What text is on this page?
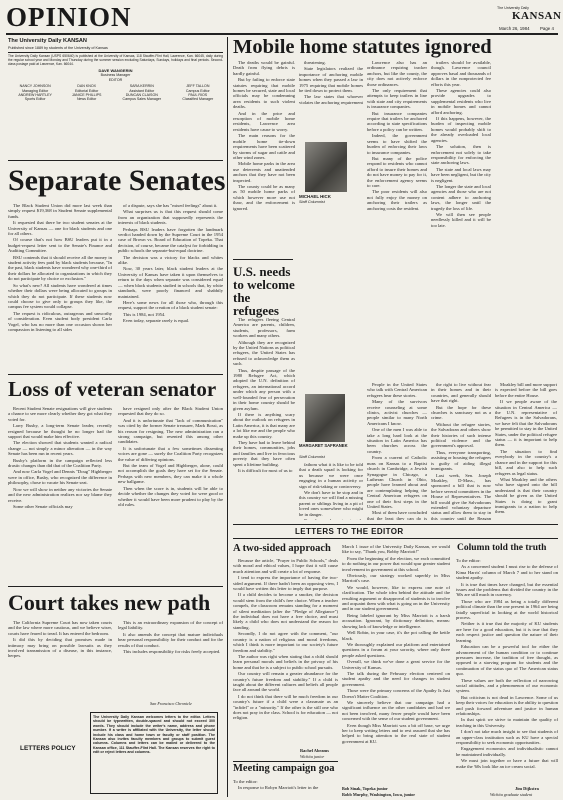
OPINION	The University Daily
KANSAN
March 26, 1984 Page 4
The University Daily KANSAN
Published since 1889 by students of the University of Kansas
The University Daily Kansan (USPS 650640) is published at the University of Kansas, 118 Stauffer-Flint Hall, Lawrence, Kan. 66045, daily during the regular school year and Monday and Thursday during the summer session excluding Saturdays, Sundays, holidays and final periods. Second-class postage paid at Lawrence, Kan. 66044.
DAVE WANGERIN
Business Manager
EDITOR
NANCY JOHNSON	DAN KNOX	SARA KERRIN	JEFF TALLON
Managing Editor	Editorial Editor	Assistant Editor	Campus Editor
ANDREW HARTLEY	JANICE PHILLIPS	DUNCAN CLAISON	PAUL RIOS
Sports Editor	News Editor	Campus Sales Manager	Classified Manager
Separate Senates

The Black Student Union did more last week than simply request $19,368 in Student Senate supplemental funds.

It requested that there be two student senates at the University of Kansas — one for black students and one for all others.

Of course that's not how BSU leaders put it in a budget-request letter sent to the Senate's Finance and Auditing Committee.

BSU contends that it should receive all the money in student activity fees paid by black students because, "In the past, black students have wondered why one-third of their dollars be allocated to organizations in which they do not participate by choice or exclusion."

So what's new? All students have wondered at times whether their dollars were being allocated to groups in which they do not participate. If these students now could choose to give only to groups they like, the campus fee system would collapse.

The request is ridiculous, outrageous and unworthy of consideration. Even student body president Carla Vogel, who has no more than one occasion shown her compassion in listening to all sides

of a dispute, says she has "mixed feelings" about it.

What surprises us is that this request should come from an organization that supposedly represents the interests of black students.

Perhaps BSU leaders have forgotten the landmark verdict handed down by the Supreme Court in the 1954 case of Brown vs. Board of Education of Topeka. That decision, of course, became the catalyst for forbidding in public schools the separate-but-equal doctrine.

The decision was a victory for blacks and whites alike.

Now, 30 years later, black student leaders at the University of Kansas have taken it upon themselves to return to the days when separate was considered equal — when black students studied in schools that, by white standards, were poorly financed and shabbily maintained.

Here's some news for all those who, through this request, support the creation of a black student senate:

This is 1984, not 1954.

Even today, separate rarely is equal.

Loss of veteran senator

Recent Student Senate resignations will give students a chance to see more clearly whether they got what they voted for.

Larry Busby, a long-term Senate leader, recently resigned because he thought he no longer had the support that would make him effective.

The election showed that students wanted a radical change — not simply a minor alteration — in the way Senate has been run in recent years.

Busby's platform in the campaign reflected less drastic changes than did that of the Coalition Party.

And now Carla Vogel and Dennis "Doug" Highberger were in office, Busby, who recognized the difference in philosophy, chose to vacate his Senate seat.

Now we will show in neither any victories the Senate and the new administration realizes nor say blame they receive.

Some other Senate officials may

have resigned only after the Black Student Union requested that they do so.

And it is unfortunate that "lack of communication" was cited by the former Senate treasurer, Mark Bossi, as his reason for resigning. The new administration ran a strong campaign, but resented this among other candidates.

It is unfortunate that a few sometimes dissenting voices are gone — surely the Coalition Party recognizes the value of differing opinions.

But the team of Vogel and Highberger, alone, could not accomplish the goals they have set for the Senate. Perhaps with new members, they can make it a whole new ballgame.

Then when the score is in, students will be able to decide whether the changes they voted for were good or whether it would have been more prudent to play by the old rules.

Court takes new path

The California Supreme Court has now taken courts and the law where more cautious, and we believe wiser, courts have feared to tread. It has entered the bedroom.

It did this by deciding that promises made in intimacy may bring on possible lawsuits as they involved transmission of a disease, in this instance, herpes.

This is an extraordinary expansion of the concept of legal liability.

It also amends the concept that mature individuals bear personal responsibility for their conduct and for the results of that conduct.

This includes responsibility for risks freely accepted.

San Francisco Chronicle
LETTERS POLICY
The University Daily Kansan welcomes letters to the editor. Letters should be typewritten, double-spaced and should not exceed 300 words. They should include the writer's name, address and phone number. If a writer is affiliated with the University, the letter should include his class and home town or faculty or staff position. The Kansan also invites faculty members and groups to submit guest columns. Columns and letters can be mailed or delivered to the Kansan office, 111 Stauffer-Flint Hall. The Kansan reserves the right to edit or reject letters and columns.
Mobile home statutes ignored

The deaths would be gainful. Death from flying debris is hardly gainful.

But by failing to enforce state statutes requiring that mobile homes be secured, state and local officials may be condemning area residents to such violent deaths.

And in the price and resorption of mobile home residents, Lawrence area residents have cause to worry.

The main reasons for the mobile home tie-down requirements have been scattered by storms of sugar and cattle and other wind zones.

Mobile home parks in the area use deterrents and unattended anchors that they have not been inspected.

The county could be as many as 50 mobile home parks of which however more use not thaw, and the enforcement is ignored.

threatening.

State legislators realized the importance of anchoring mobile homes when they passed a law in 1975 requiring that mobile homes be tied down to protect them.

The law states that whoever violates the anchoring requirement

MICHAEL HICK
Staff Columnist

Lawrence also has an ordinance requiring tracker anchors, but like the county, the city does not actively enforce those ordinances.

The only requirement that attempts to keep trailers in line with state and city requirements is insurance companies.

But insurance companies require that trailers be anchored according to state specifications before a policy can be written.

Indeed, the government seems to have shifted the burden of enforcing their laws to insurance companies.

But many of the police respond to residents who cannot afford to insure their homes and do not have money to pay for it, the enforcement agency seems to care.

The poor residents will also not fully enjoy the money on anchoring their trailers as anchoring costs the resident.

trailers should be available, though. Lawrence council approves basal and thousands of dollars in the nonprotected fee efforts this year.

These agencies could also provide upgrades to supplemental residents who live in mobile homes and cannot afford anchoring.

If this happens, however, the burden of inspecting mobile homes would probably shift to the already overloaded local agencies.

The solution, then is enforcement not solely to take responsibility for enforcing the state anchoring laws.

The state and local laws may have been negligent, but the city is negligent.

The longer the state and local agencies and those who are not content adhere to anchoring laws, the longer until the tragedy the loss of life.

We will then see people needlessly killed and it will be too late.

U.S. needs to welcome the refugees

The refugees fleeing Central America are parents, children, students, professors, farm workers and many others.

Although they are recognized by the United Nations as political refugees, the United States has refused to acknowledge them as such.

Thus, despite passage of the 1980 Refugee Act, which adopted the U.N. definition of refugees, an international accord under which any person with a well-founded fear of persecution in their home country should be given asylum.

If there is anything scary about the outlook on refugees in Latin America, it is that many are a lot like me and the people who make up this country.

They have had to leave behind their homes, communities, jobs and families and live in ferocious poverty that they have often spent a lifetime building.

It is difficult for most of us to

MARGARET SAFRANEK
Staff Columnist

fathom what it is like to be told that a death squad is looking for us because we were once engaging in a human activity or sign of risk-taking or controversy.

We don't have to be stop and in this country we will find a missing parent or siblings living in a pit of loved ones somewhere who might be in danger.

People in the United States who talk with Central American refugees hear these stories.

Many of the survivors receive counseling at some clinics, activist churches — people similar to many North Americans I know.

One of the men I was able to take a long hard look at the situation in Latin America has been churches across the country.

From a current of Catholic nuns on Kansas to a Baptist church in Cambridge, a Jewish Synagogue in Chicago, a Lutheran Church in Ohio, people have learned about and are contemplating helping the Central American refugees on one of their first steps in the United States.

Most of them have concluded that the least they can do is

the right to live without fear in their homes and in their countries, and generally should have that right.

But the hope for these churches is sanctuary not as a crime.

Without the refugee stories, the Salvadoran and others show their histories of such intense political violence and the government's approval.

Thus, everyone transporting, assisting or housing the refugees is guilty of aiding illegal immigrants.

Last week, Sen. Joseph Moakley, D-Mass., has sponsored a bill that is now before several committees in the House of Representatives. The bill would give the Salvadorans extended voluntary departure status and allow them to stay in this country until the Reagan

Moakley bill and more support is expected before the bill goes before the entire House.

If we people aware of the situation in Central America — the U.N. representative of Refugees is in the Salvadorans, we have felt that the Salvadorans be permitted to stay in the United States, under the political refugee status — it is important to help them.

The situation to find everybody in the country's a chance and in the support for this bill, and also to help such refugees as legal status.

What Moakley and the others who have signed onto the bill understand is that their country should be given as the United States is doing to grant immigrants to a nation to help them.

LETTERS TO THE EDITOR
A two-sided approach

Because the article, "Prayer in Public Schools," deals with moral and ethical values, I hope that it will cause much attention and will create a lot of response.

I tend to express the importance of having the two-sided argument. If there hadn't been an opposing view, I would have written this letter to imply that purpose.

If a child decides to become a smoker, the decision would stem from the child's free choice. When a teacher compels, the classroom remains standing for a moment of silent meditation (after the "Pledge of Allegiance") the individual does not have a free choice, and must likely a child who does not understand the reason for standing.

Secondly, I do not agree with the comment, "our country is a nation of religious and moral freedoms, which I think is more important to our society's future freedom and stability."

The author was right when stating that a child should learn personal morals and beliefs in the privacy of his home and that he is a subject to public school pursuits.

Our country will remain a greater abundance for the country's future freedom and stability." If a child is taught about the different cultures and beliefs all people face all around the world.

I do not think that there will be much freedom in our country's future if a child were a classmate as an "infidel" or a "minority." If the other is the still one who does not pray in the class. School is for education — not religion.

Rachel Abrams
Wichita junior
Meeting campaign goa

To the editor:

In response to Robyn Marriott's letter in the

March 1 issue of the University Daily Kansan, we would like to say, "Thank you, Bobby Marriott!"

From the beginning of the election, we each committed to do nothing in our power that would spur greater student involvement in government at this school.

Obviously, our strategy worked superbly in Miss Marriott's case.

We would, however, like to express one note of clarification. The whole idea behind the attitude and the resulting argument or disapproval of students is to involve and acquaint them with what is going on in the University and in our student government.

Being labeled ignorant by Miss Marriott is a harsh accusation. Ignorant, by dictionary definition, means: showing lack of knowledge or intelligence.

Well Robin, in your case, it's the pot calling the kettle black.

We thoroughly explained our platform and entertained questions in a forum at your sorority, where only three people asked questions.

Overall, we think we've done a great service for the University of Kansas.

The talk during the February election centered on student apathy and the need for changes in student government.

Those were the primary concerns of the Apathy Is Just Doesn't Matter Coalition.

We sincerely believe that our campaign had a significant influence on the other candidates and had we not been involved, many fewer people would have been concerned with the sense of our student government.

Even though Miss Marriott was a bit off base, we urge her to keep writing letters and to rest assured that she has helped to bring attention to the real state of student government at KU.

Bob Sinak, Topeka junior
Robb Murphy, Washington, Iowa, junior
Column told the truth

To the editor:

As a concerned student I must rise to the defense of Kima Harris' column of March 7 and to her stand on student apathy.

It is true that times have changed, but the essential issues and the problems that divided the country in the '60s are still much in currency.

Those who are 1984 as being a totally different political climate than the one present in 1964 are being fatally superficial in looking at the world historical process.

Neither is it true that the majority of KU students are here for a good education, but it is true that they each respect justice and question the nature of their learning.

Education can be a powerful tool for either the advancement of the human condition or to continue pressures increase, the tradition of free thought, as opposed to a starving program for students and the continuation of the status quo of The American status quo.

These values are both the reflection of narrowing social attitudes, and a phenomenon of our economic system.

But criticism is not dead in Lawrence. Some of us keep their voices for education is the ability to question and push forward adventure and justice in human relationships.

In that spirit we strive to maintain the quality of teaching in this University.

I don't not take much insight to see that students of an upper-class institution such as KU have a special responsibility to seek economic opportunities.

Engagement economics and individualistic cannot be maintained individually.

We must join together or have a future that will make the '60s look like an ice cream social.

Jim Dijkstra
Wichita graduate student
